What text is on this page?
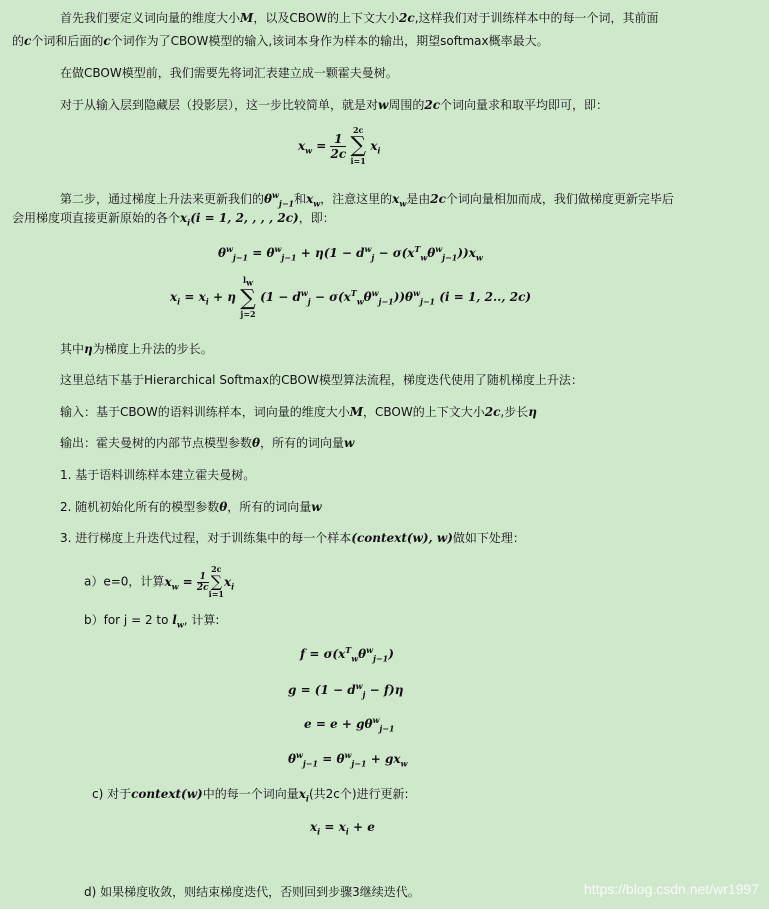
首先我们要定义词向量的维度大小M，以及CBOW的上下文大小2c,这样我们对于训练样本中的每一个词，其前面
的c个词和后面的c个词作为了CBOW模型的输入,该词本身作为样本的输出，期望softmax概率最大。
在做CBOW模型前，我们需要先将词汇表建立成一颗霍夫曼树。
对于从输入层到隐藏层（投影层），这一步比较简单，就是对w周围的2c个词向量求和取平均即可，即：
$x_w = \frac{1}{2c}$

2c
∑
i=1
$x_i$
第二步，通过梯度上升法来更新我们的$\theta^w_{j-1}$和$x_w$，注意这里的$x_w$是由2c个词向量相加而成，我们做梯度更新完毕后
会用梯度项直接更新原始的各个$x_i(i = 1$, 2, , , , 2c)，即：
$\theta^w_{j-1} = \theta^w_{j-1} + \eta(1 - d^w_j - \sigma(x^T_w\theta^w_{j-1}))x_w$
$x_i = x_i + \eta$
$l_w$
∑
j=2
$(1 - d^w_j - \sigma(x^T_w\theta^w_{j-1}))\theta^w_{j-1}$ (i = 1, 2.., 2c)
其中η为梯度上升法的步长。
这里总结下基于Hierarchical Softmax的CBOW模型算法流程，梯度迭代使用了随机梯度上升法：
输入：基于CBOW的语料训练样本，词向量的维度大小M，CBOW的上下文大小2c,步长η
输出：霍夫曼树的内部节点模型参数θ，所有的词向量w
1. 基于语料训练样本建立霍夫曼树。
2. 随机初始化所有的模型参数θ，所有的词向量w
3. 进行梯度上升迭代过程，对于训练集中的每一个样本(context(w), w)做如下处理：
a）e=0，计算$x_w = \frac{1}{2c}$
2c
∑
i=1
$x_i$
b）for j = 2 to $l_w$, 计算:
$f = \sigma(x^T_w\theta^w_{j-1})$
$g = (1 - d^w_j - f)\eta$
$e = e + g\theta^w_{j-1}$
$\theta^w_{j-1} = \theta^w_{j-1} + gx_w$
c) 对于context(w)中的每一个词向量$x_i$(共2c个)进行更新:
$x_i = x_i + e$
d) 如果梯度收敛，则结束梯度迭代，否则回到步骤3继续迭代。	https://blog.csdn.net/wr1997
